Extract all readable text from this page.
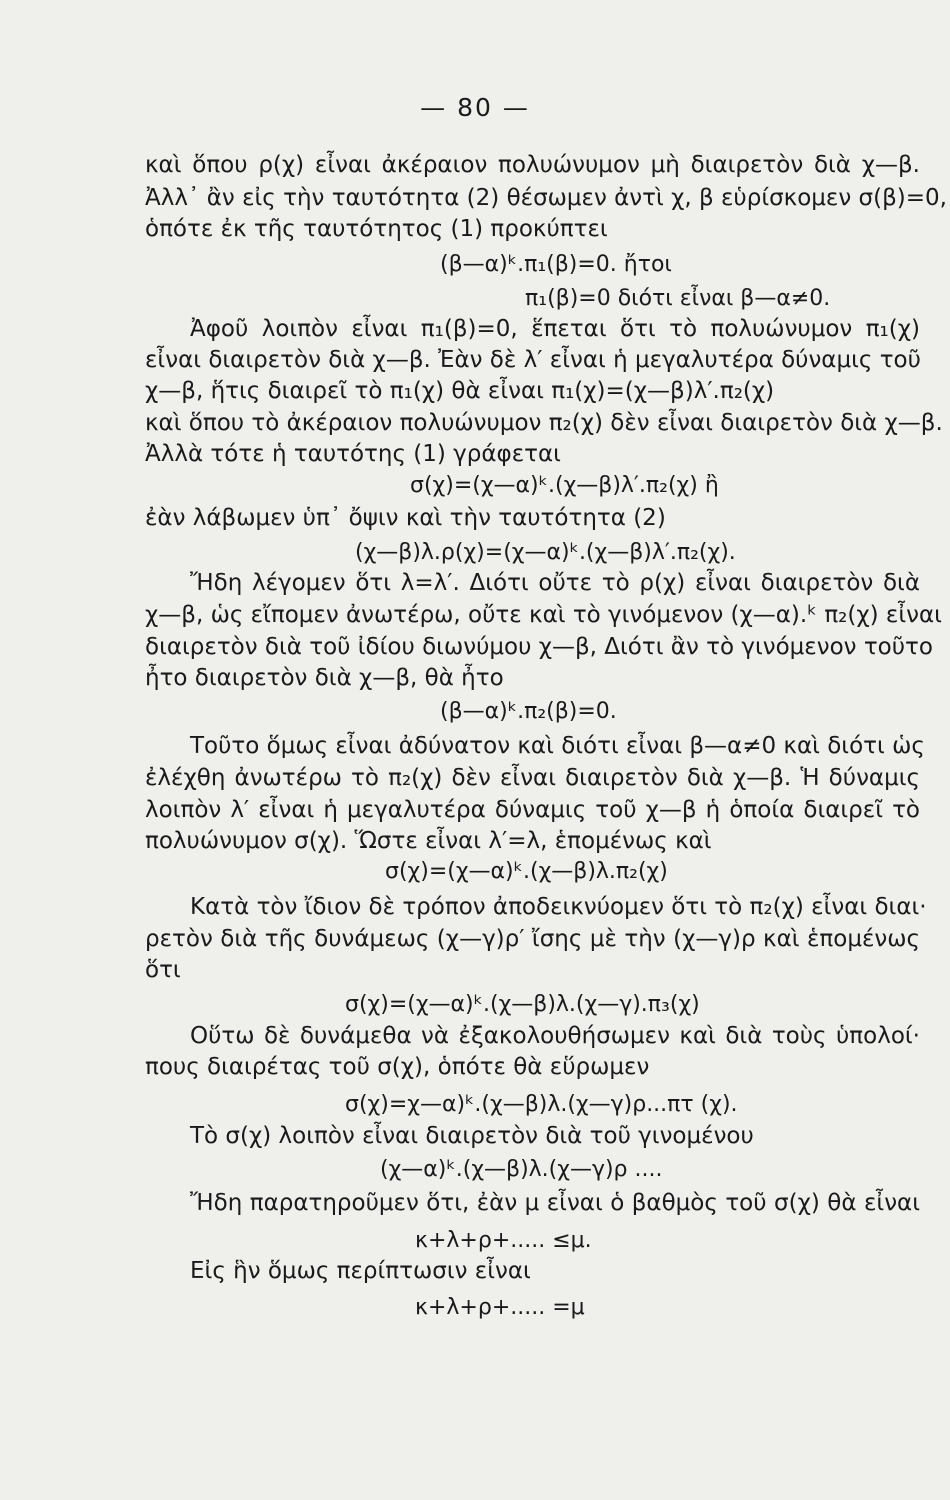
— 80 —
καὶ ὅπου ρ(χ) εἶναι ἀκέραιον πολυώνυμον μὴ διαιρετὸν διὰ χ—β.
Ἀλλ᾽ ἂν εἰς τὴν ταυτότητα (2) θέσωμεν ἀντὶ χ, β εὑρίσκομεν σ(β)=0,
ὁπότε ἐκ τῆς ταυτότητος (1) προκύπτει
(β—α)ᵏ.π₁(β)=0. ἤτοι
π₁(β)=0 διότι εἶναι β—α≠0.
Ἀφοῦ λοιπὸν εἶναι π₁(β)=0, ἕπεται ὅτι τὸ πολυώνυμον π₁(χ)
εἶναι διαιρετὸν διὰ χ—β. Ἐὰν δὲ λ′ εἶναι ἡ μεγαλυτέρα δύναμις τοῦ
χ—β, ἥτις διαιρεῖ τὸ π₁(χ) θὰ εἶναι π₁(χ)=(χ—β)λ′.π₂(χ)
καὶ ὅπου τὸ ἀκέραιον πολυώνυμον π₂(χ) δὲν εἶναι διαιρετὸν διὰ χ—β.
Ἀλλὰ τότε ἡ ταυτότης (1) γράφεται
σ(χ)=(χ—α)ᵏ.(χ—β)λ′.π₂(χ) ἢ
ἐὰν λάβωμεν ὑπ᾽ ὄψιν καὶ τὴν ταυτότητα (2)
(χ—β)λ.ρ(χ)=(χ—α)ᵏ.(χ—β)λ′.π₂(χ).
Ἤδη λέγομεν ὅτι λ=λ′. Διότι οὔτε τὸ ρ(χ) εἶναι διαιρετὸν διὰ
χ—β, ὡς εἴπομεν ἀνωτέρω, οὔτε καὶ τὸ γινόμενον (χ—α).ᵏ π₂(χ) εἶναι
διαιρετὸν διὰ τοῦ ἰδίου διωνύμου χ—β, Διότι ἂν τὸ γινόμενον τοῦτο
ἦτο διαιρετὸν διὰ χ—β, θὰ ἦτο
(β—α)ᵏ.π₂(β)=0.
Τοῦτο ὅμως εἶναι ἀδύνατον καὶ διότι εἶναι β—α≠0 καὶ διότι ὡς
ἐλέχθη ἀνωτέρω τὸ π₂(χ) δὲν εἶναι διαιρετὸν διὰ χ—β. Ἡ δύναμις
λοιπὸν λ′ εἶναι ἡ μεγαλυτέρα δύναμις τοῦ χ—β ἡ ὁποία διαιρεῖ τὸ
πολυώνυμον σ(χ). Ὥστε εἶναι λ′=λ, ἑπομένως καὶ
σ(χ)=(χ—α)ᵏ.(χ—β)λ.π₂(χ)
Κατὰ τὸν ἴδιον δὲ τρόπον ἀποδεικνύομεν ὅτι τὸ π₂(χ) εἶναι διαι·
ρετὸν διὰ τῆς δυνάμεως (χ—γ)ρ′ ἴσης μὲ τὴν (χ—γ)ρ καὶ ἑπομένως
ὅτι
σ(χ)=(χ—α)ᵏ.(χ—β)λ.(χ—γ).π₃(χ)
Οὕτω δὲ δυνάμεθα νὰ ἐξακολουθήσωμεν καὶ διὰ τοὺς ὑπολοί·
πους διαιρέτας τοῦ σ(χ), ὁπότε θὰ εὕρωμεν
σ(χ)=χ—α)ᵏ.(χ—β)λ.(χ—γ)ρ...πτ (χ).
Τὸ σ(χ) λοιπὸν εἶναι διαιρετὸν διὰ τοῦ γινομένου
(χ—α)ᵏ.(χ—β)λ.(χ—γ)ρ ....
Ἤδη παρατηροῦμεν ὅτι, ἐὰν μ εἶναι ὁ βαθμὸς τοῦ σ(χ) θὰ εἶναι
κ+λ+ρ+..... ≤μ.
Εἰς ἣν ὅμως περίπτωσιν εἶναι
κ+λ+ρ+..... =μ
